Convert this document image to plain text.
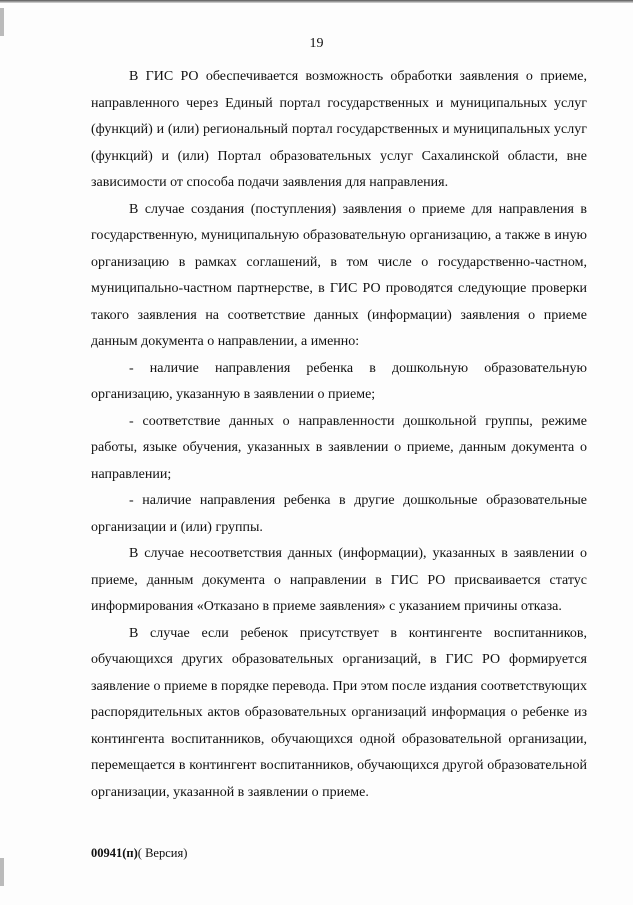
19

В ГИС РО обеспечивается возможность обработки заявления о приеме, направленного через Единый портал государственных и муниципальных услуг (функций) и (или) региональный портал государственных и муниципальных услуг (функций) и (или) Портал образовательных услуг Сахалинской области, вне зависимости от способа подачи заявления для направления.

В случае создания (поступления) заявления о приеме для направления в государственную, муниципальную образовательную организацию, а также в иную организацию в рамках соглашений, в том числе о государственно-частном, муниципально-частном партнерстве, в ГИС РО проводятся следующие проверки такого заявления на соответствие данных (информации) заявления о приеме данным документа о направлении, а именно:

- наличие направления ребенка в дошкольную образовательную организацию, указанную в заявлении о приеме;

- соответствие данных о направленности дошкольной группы, режиме работы, языке обучения, указанных в заявлении о приеме, данным документа о направлении;

- наличие направления ребенка в другие дошкольные образовательные организации и (или) группы.

В случае несоответствия данных (информации), указанных в заявлении о приеме, данным документа о направлении в ГИС РО присваивается статус информирования «Отказано в приеме заявления» с указанием причины отказа.

В случае если ребенок присутствует в контингенте воспитанников, обучающихся других образовательных организаций, в ГИС РО формируется заявление о приеме в порядке перевода. При этом после издания соответствующих распорядительных актов образовательных организаций информация о ребенке из контингента воспитанников, обучающихся одной образовательной организации, перемещается в контингент воспитанников, обучающихся другой образовательной организации, указанной в заявлении о приеме.

00941(п)( Версия)
